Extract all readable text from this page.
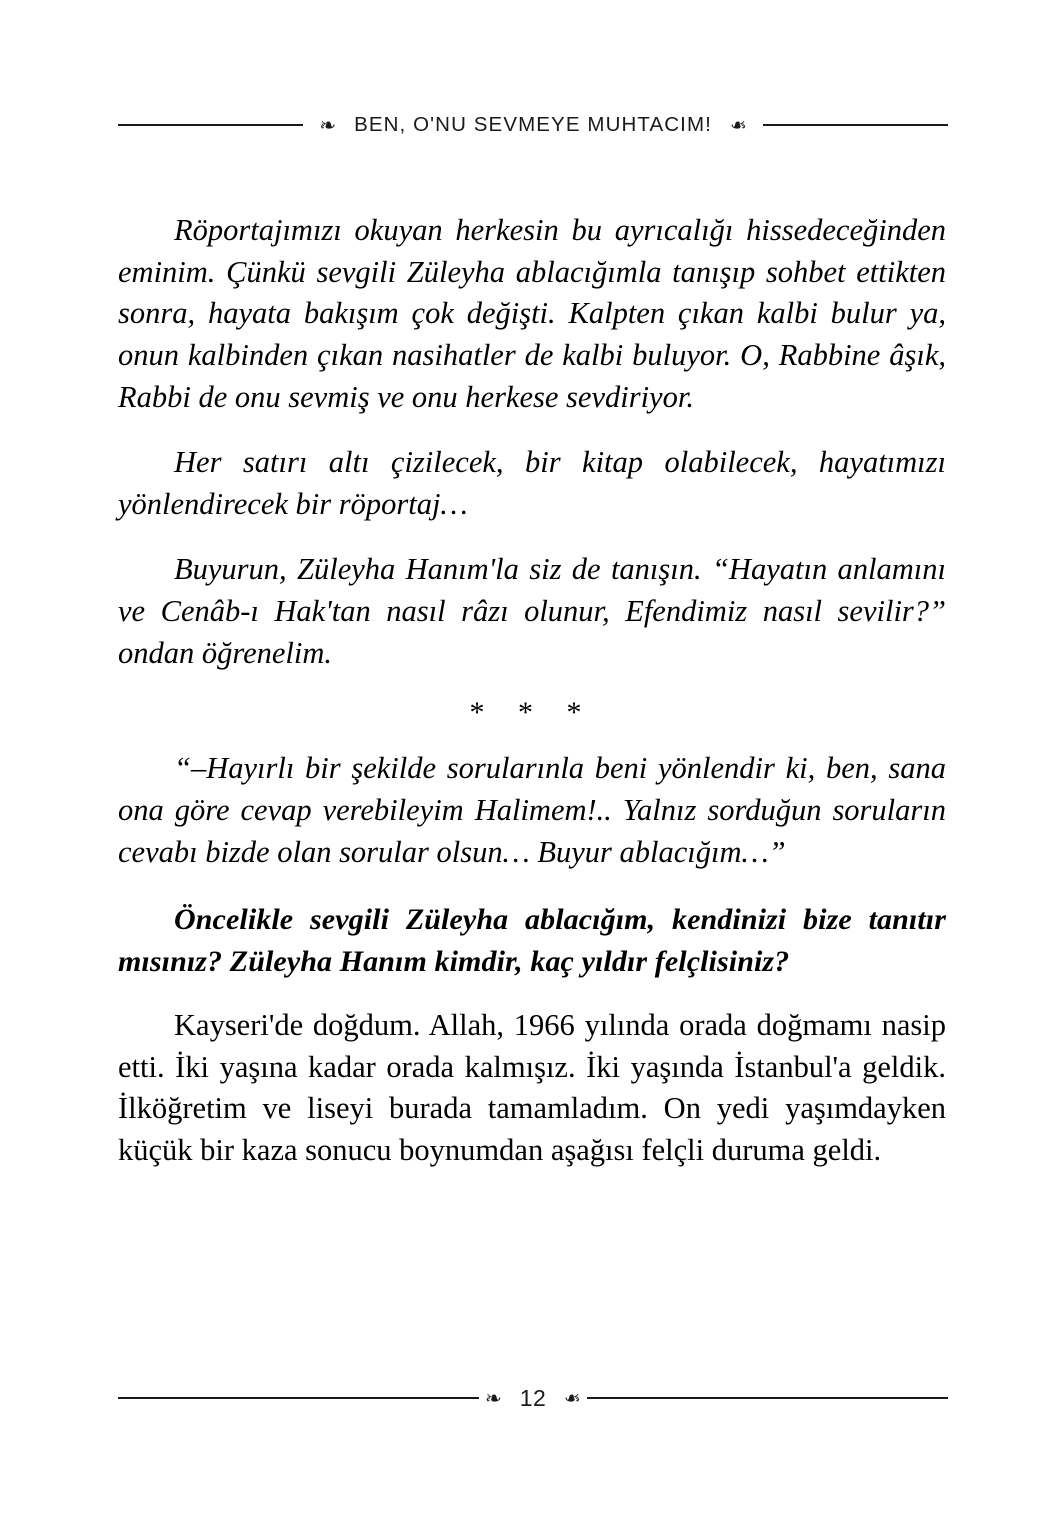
❧ BEN, O'NU SEVMEYE MUHTACIM! ❧

Röportajımızı okuyan herkesin bu ayrıcalığı hissedeceğinden eminim. Çünkü sevgili Züleyha ablacığımla tanışıp sohbet ettikten sonra, hayata bakışım çok değişti. Kalpten çıkan kalbi bulur ya, onun kalbinden çıkan nasihatler de kalbi buluyor. O, Rabbine âşık, Rabbi de onu sevmiş ve onu herkese sevdiriyor.

Her satırı altı çizilecek, bir kitap olabilecek, hayatımızı yönlendirecek bir röportaj…

Buyurun, Züleyha Hanım'la siz de tanışın. “Hayatın anlamını ve Cenâb-ı Hak'tan nasıl râzı olunur, Efendimiz nasıl sevilir?” ondan öğrenelim.

* * *

“–Hayırlı bir şekilde sorularınla beni yönlendir ki, ben, sana ona göre cevap verebileyim Halimem!.. Yalnız sorduğun soruların cevabı bizde olan sorular olsun… Buyur ablacığım…”

Öncelikle sevgili Züleyha ablacığım, kendinizi bize tanıtır mısınız? Züleyha Hanım kimdir, kaç yıldır felçlisiniz?

Kayseri'de doğdum. Allah, 1966 yılında orada doğmamı nasip etti. İki yaşına kadar orada kalmışız. İki yaşında İstanbul'a geldik. İlköğretim ve liseyi burada tamamladım. On yedi yaşımdayken küçük bir kaza sonucu boynumdan aşağısı felçli duruma geldi.

❧ 12 ❧
